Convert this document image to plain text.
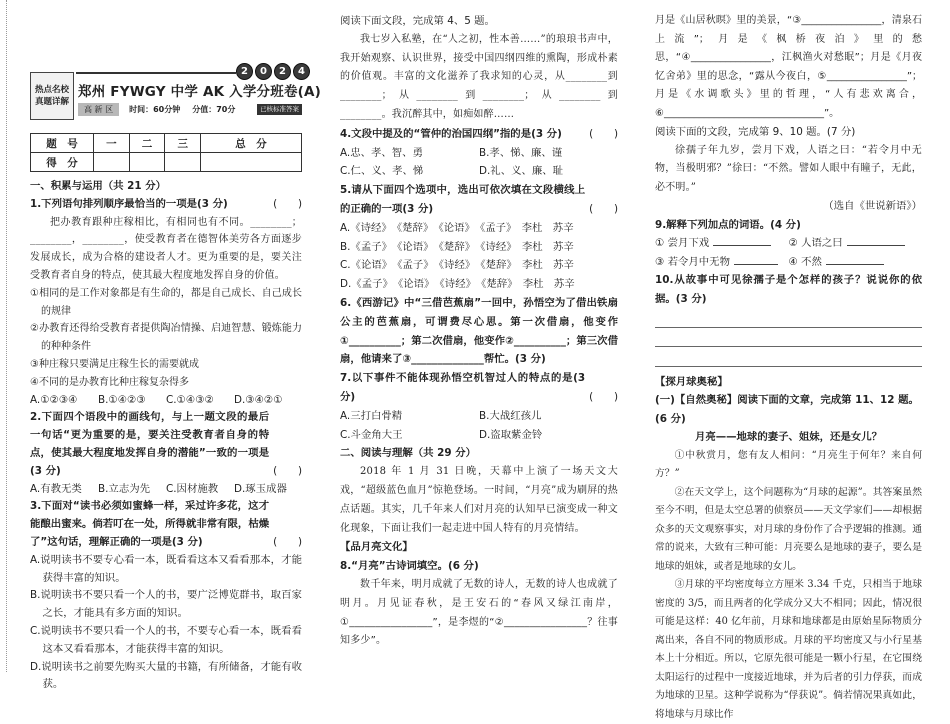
2	0	2	4
热点名校
真题详解
郑州 FYWGY 中学 AK 入学分班卷(A)
高 新 区	时间：60分钟 分值：70分	已核标准答案
题　号	一	二	三	总　分
得　分				
一、积累与运用（共 21 分）
1.下列语句排列顺序最恰当的一项是(3 分)	(　　)
把办教育跟种庄稼相比，有相同也有不同。________；________，________，使受教育者在德智体美劳各方面逐步发展成长，成为合格的建设者人才。更为重要的是，要关注受教育者自身的特点，使其最大程度地发挥自身的价值。
①相同的是工作对象都是有生命的，都是自己成长、自己成长的规律
②办教育还得给受教育者提供陶冶情操、启迪智慧、锻炼能力的种种条件
③种庄稼只要满足庄稼生长的需要就成
④不同的是办教育比种庄稼复杂得多
A.①②③④	B.①④②③	C.①④③②	D.③④②①
2.下面四个语段中的画线句，与上一题文段的最后一句话“更为重要的是，要关注受教育者自身的特点，使其最大程度地发挥自身的潜能”一致的一项是(3 分)	(　　)
A.有教无类	B.立志为先	C.因材施教	D.琢玉成器
3.下面对“读书必须如蜜蜂一样，采过许多花，这才能酿出蜜来。倘若叮在一处，所得就非常有限，枯燥了”这句话，理解正确的一项是(3 分)	(　　)
A.说明读书不要专心看一本，既看看这本又看看那本，才能获得丰富的知识。
B.说明读书不要只看一个人的书，要广泛博览群书，取百家之长，才能具有多方面的知识。
C.说明读书不要只看一个人的书，不要专心看一本，既看看这本又看看那本，才能获得丰富的知识。
D.说明读书之前要先购买大量的书籍，有所储备，才能有收获。
阅读下面文段，完成第 4、5 题。
我七岁入私塾，在“人之初，性本善……”的琅琅书声中，我开始观察、认识世界，接受中国四纲四维的熏陶，形成朴素的价值观。丰富的文化滋养了我求知的心灵，从________到________；从________到________；从________到________。我沉醉其中，如痴如醉……
4.文段中提及的“管仲的治国四纲”指的是(3 分)	(　　)
A.忠、孝、智、勇	B.孝、悌、廉、谨
C.仁、义、孝、悌	D.礼、义、廉、耻
5.请从下面四个选项中，选出可依次填在文段横线上的正确的一项(3 分)	(　　)
A.《诗经》　《楚辞》　《论语》　《孟子》　李杜　苏辛
B.《孟子》　《论语》　《楚辞》　《诗经》　李杜　苏辛
C.《论语》　《孟子》　《诗经》　《楚辞》　李杜　苏辛
D.《孟子》　《论语》　《诗经》　《楚辞》　李杜　苏辛
6.《西游记》中“三借芭蕉扇”一回中，孙悟空为了借出铁扇公主的芭蕉扇，可谓费尽心思。第一次借扇，他变作①__________；第二次借扇，他变作②__________；第三次借扇，他请来了③______________帮忙。(3 分)
7.以下事件不能体现孙悟空机智过人的特点的是(3 分)	(　　)
A.三打白骨精	B.大战红孩儿
C.斗金角大王	D.盗取紫金铃
二、阅读与理解（共 29 分）
2018 年 1 月 31 日晚，天幕中上演了一场天文大戏，“超级蓝色血月”惊艳登场。一时间，“月亮”成为刷屏的热点话题。其实，几千年来人们对月亮的认知早已演变成一种文化现象，下面让我们一起走进中国人特有的月亮情结。
【品月亮文化】
8.“月亮”古诗词填空。(6 分)
数千年来，明月成就了无数的诗人，无数的诗人也成就了明月。月见证春秋，是王安石的“春风又绿江南岸，①________________”，是李煜的“②________________？往事知多少”。
月是《山居秋暝》里的美景，“③________________，清泉石上流”；月是《枫桥夜泊》里的愁思，“④________________，江枫渔火对愁眠”；月是《月夜忆舍弟》里的思念，“露从今夜白，⑤________________”；月是《水调歌头》里的哲理，“人有悲欢离合，⑥________________________________”。
阅读下面的文段，完成第 9、10 题。(7 分)
徐孺子年九岁，尝月下戏，人语之曰：“若令月中无物，当极明邪？”徐曰：“不然。譬如人眼中有瞳子，无此，必不明。”
（选自《世说新语》）
9.解释下列加点的词语。(4 分)
① 尝月下戏	② 人语之曰
③ 若令月中无物	④ 不然
10.从故事中可见徐孺子是个怎样的孩子？说说你的依据。(3 分)
【探月球奥秘】
(一)【自然奥秘】阅读下面的文章，完成第 11、12 题。(6 分)
月亮——地球的妻子、姐妹，还是女儿？
①中秋赏月，您有友人相问：“月亮生于何年？来自何方？”
②在天文学上，这个问题称为“月球的起源”。其答案虽然至今不明，但是太空总署的侦察员——天文学家们——却根据众多的天文观察事实，对月球的身份作了合乎逻辑的推测。通常的说来，大致有三种可能：月亮要么是地球的妻子，要么是地球的姐妹，或者是地球的女儿。
③月球的平均密度每立方厘米 3.34 千克，只相当于地球密度的 3/5，而且两者的化学成分又大不相同；因此，情况很可能是这样：40 亿年前，月球和地球都是由原始星际物质分离出来，各自不同的物质形成。月球的平均密度又与小行星基本上十分相近。所以，它原先很可能是一颗小行星，在它围绕太阳运行的过程中一度接近地球，并为后者的引力俘获，而成为地球的卫星。这种学说称为“俘获说”。倘若情况果真如此，将地球与月球比作
